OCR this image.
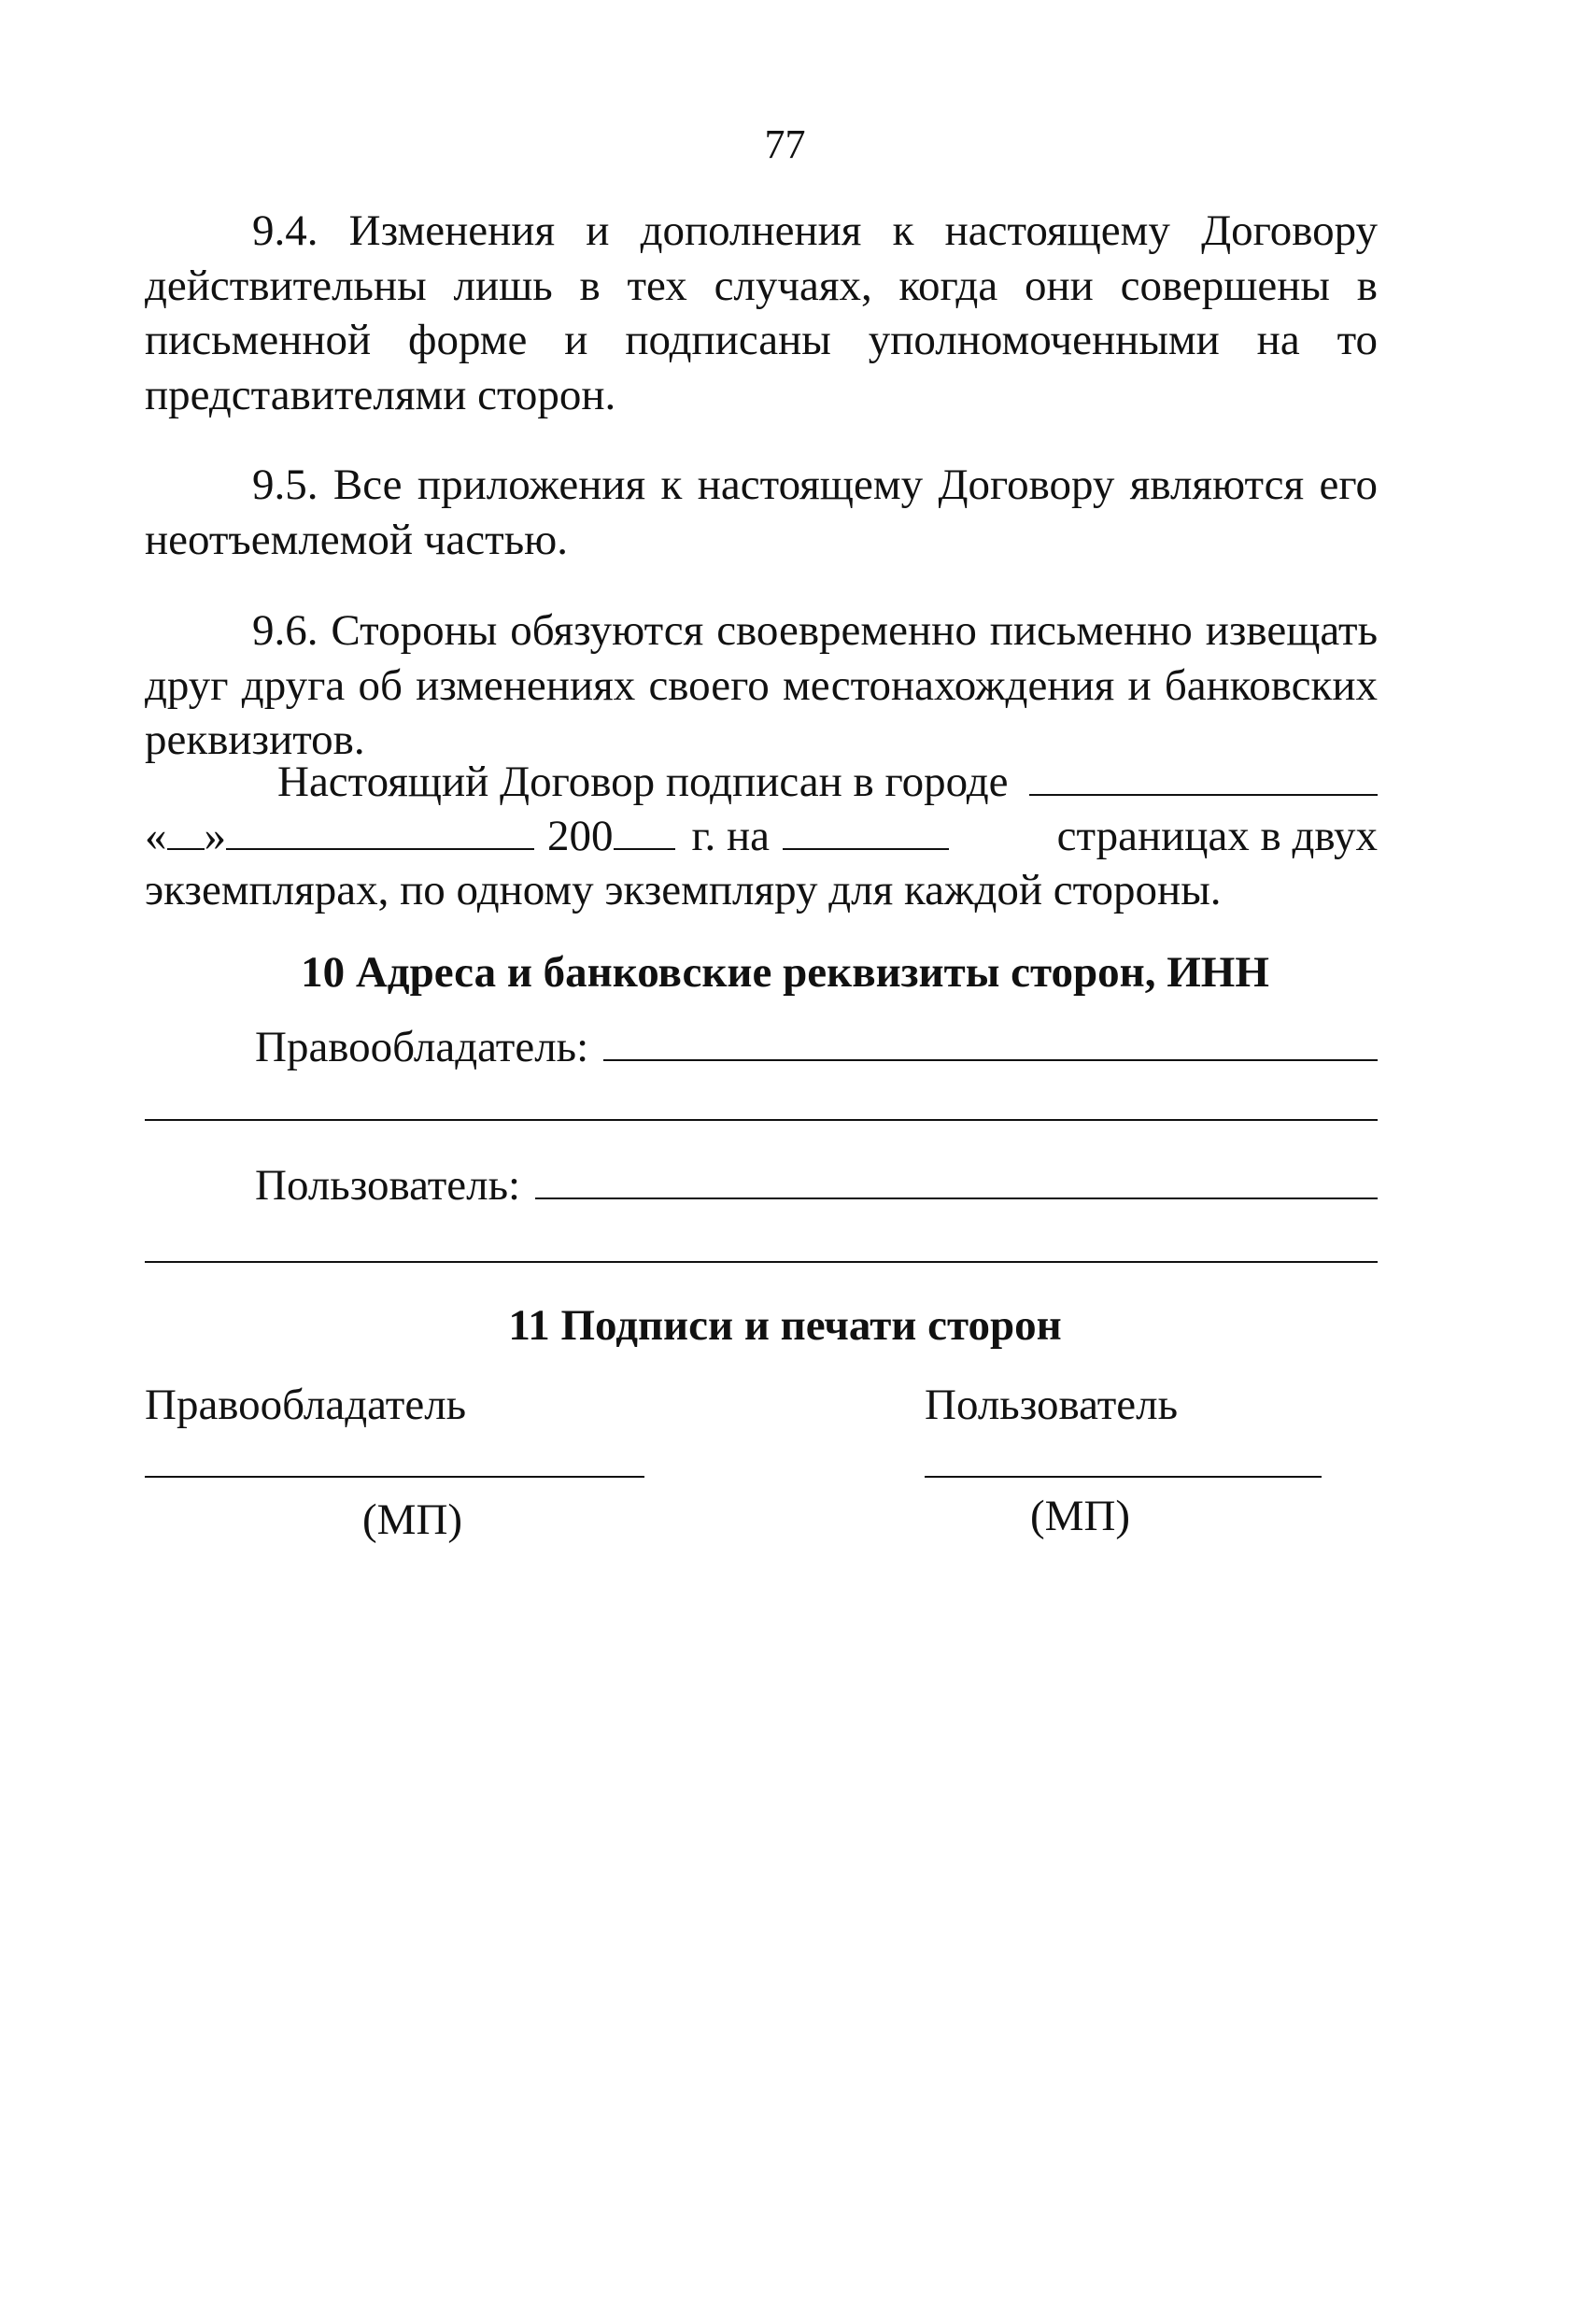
77
9.4. Изменения и дополнения к настоящему Договору действительны лишь в тех случаях, когда они совершены в письменной форме и подписаны уполномоченными на то представителями сторон.
9.5. Все приложения к настоящему Договору являются его неотъемлемой частью.
9.6. Стороны обязуются своевременно письменно извещать друг друга об изменениях своего местонахождения и банковских реквизитов.
Настоящий Договор подписан в городе
« »	200 г. на	страницах в двух
экземплярах, по одному экземпляру для каждой стороны.
10 Адреса и банковские реквизиты сторон, ИНН
Правообладатель:
Пользователь:
11 Подписи и печати сторон
Правообладатель	Пользователь
(МП)	(МП)
